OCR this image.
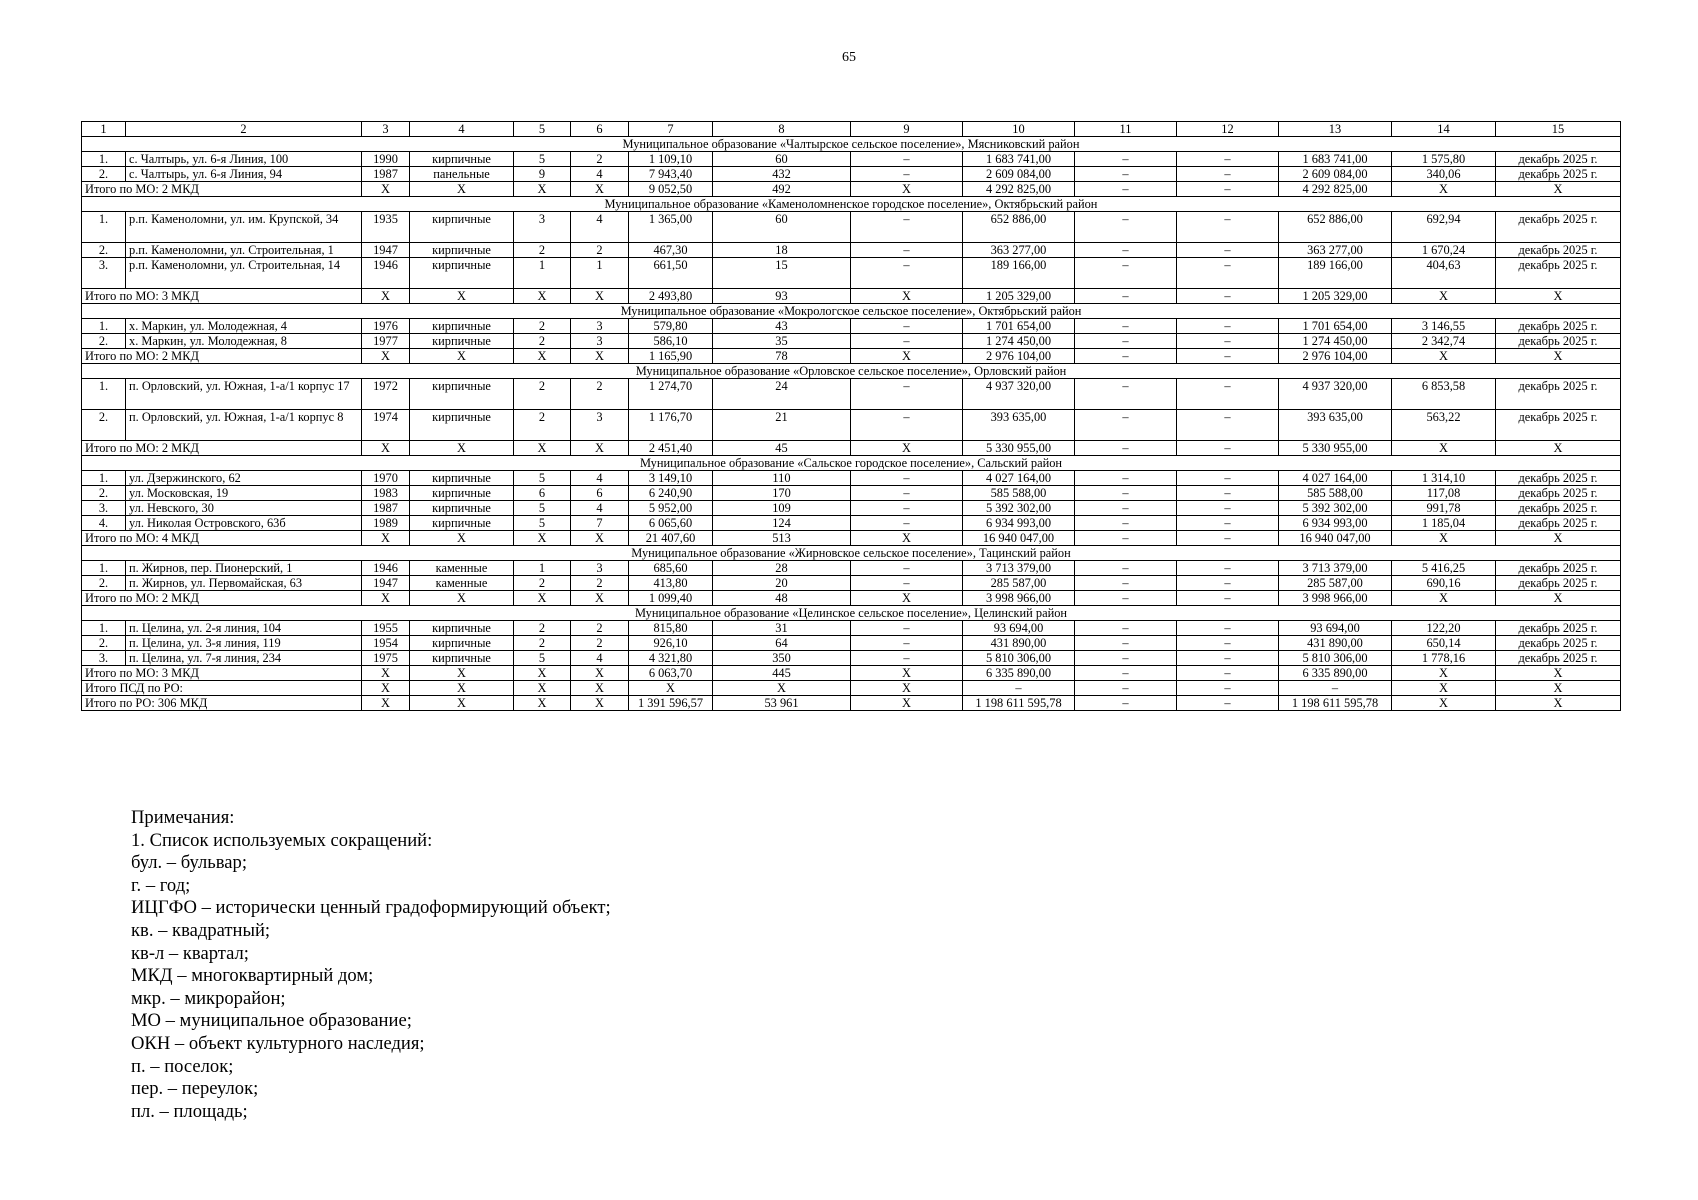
65
1	2	3	4	5	6	7	8	9	10	11	12	13	14	15
Муниципальное образование «Чалтырское сельское поселение», Мясниковский район														
1.	с. Чалтырь, ул. 6-я Линия, 100	1990	кирпичные	5	2	1 109,10	60	–	1 683 741,00	–	–	1 683 741,00	1 575,80	декабрь 2025 г.
2.	с. Чалтырь, ул. 6-я Линия, 94	1987	панельные	9	4	7 943,40	432	–	2 609 084,00	–	–	2 609 084,00	340,06	декабрь 2025 г.
Итого по МО: 2 МКД		X	X	X	X	9 052,50	492	X	4 292 825,00	–	–	4 292 825,00	X	X
Муниципальное образование «Каменоломненское городское поселение», Октябрьский район														
1.	р.п. Каменоломни, ул. им. Крупской, 34	1935	кирпичные	3	4	1 365,00	60	–	652 886,00	–	–	652 886,00	692,94	декабрь 2025 г.
2.	р.п. Каменоломни, ул. Строительная, 1	1947	кирпичные	2	2	467,30	18	–	363 277,00	–	–	363 277,00	1 670,24	декабрь 2025 г.
3.	р.п. Каменоломни, ул. Строительная, 14	1946	кирпичные	1	1	661,50	15	–	189 166,00	–	–	189 166,00	404,63	декабрь 2025 г.
Итого по МО: 3 МКД		X	X	X	X	2 493,80	93	X	1 205 329,00	–	–	1 205 329,00	X	X
Муниципальное образование «Мокрологское сельское поселение», Октябрьский район														
1.	х. Маркин, ул. Молодежная, 4	1976	кирпичные	2	3	579,80	43	–	1 701 654,00	–	–	1 701 654,00	3 146,55	декабрь 2025 г.
2.	х. Маркин, ул. Молодежная, 8	1977	кирпичные	2	3	586,10	35	–	1 274 450,00	–	–	1 274 450,00	2 342,74	декабрь 2025 г.
Итого по МО: 2 МКД		X	X	X	X	1 165,90	78	X	2 976 104,00	–	–	2 976 104,00	X	X
Муниципальное образование «Орловское сельское поселение», Орловский район														
1.	п. Орловский, ул. Южная, 1-а/1 корпус 17	1972	кирпичные	2	2	1 274,70	24	–	4 937 320,00	–	–	4 937 320,00	6 853,58	декабрь 2025 г.
2.	п. Орловский, ул. Южная, 1-а/1 корпус 8	1974	кирпичные	2	3	1 176,70	21	–	393 635,00	–	–	393 635,00	563,22	декабрь 2025 г.
Итого по МО: 2 МКД		X	X	X	X	2 451,40	45	X	5 330 955,00	–	–	5 330 955,00	X	X
Муниципальное образование «Сальское городское поселение», Сальский район														
1.	ул. Дзержинского, 62	1970	кирпичные	5	4	3 149,10	110	–	4 027 164,00	–	–	4 027 164,00	1 314,10	декабрь 2025 г.
2.	ул. Московская, 19	1983	кирпичные	6	6	6 240,90	170	–	585 588,00	–	–	585 588,00	117,08	декабрь 2025 г.
3.	ул. Невского, 30	1987	кирпичные	5	4	5 952,00	109	–	5 392 302,00	–	–	5 392 302,00	991,78	декабрь 2025 г.
4.	ул. Николая Островского, 63б	1989	кирпичные	5	7	6 065,60	124	–	6 934 993,00	–	–	6 934 993,00	1 185,04	декабрь 2025 г.
Итого по МО: 4 МКД		X	X	X	X	21 407,60	513	X	16 940 047,00	–	–	16 940 047,00	X	X
Муниципальное образование «Жирновское сельское поселение», Тацинский район														
1.	п. Жирнов, пер. Пионерский, 1	1946	каменные	1	3	685,60	28	–	3 713 379,00	–	–	3 713 379,00	5 416,25	декабрь 2025 г.
2.	п. Жирнов, ул. Первомайская, 63	1947	каменные	2	2	413,80	20	–	285 587,00	–	–	285 587,00	690,16	декабрь 2025 г.
Итого по МО: 2 МКД		X	X	X	X	1 099,40	48	X	3 998 966,00	–	–	3 998 966,00	X	X
Муниципальное образование «Целинское сельское поселение», Целинский район														
1.	п. Целина, ул. 2-я линия, 104	1955	кирпичные	2	2	815,80	31	–	93 694,00	–	–	93 694,00	122,20	декабрь 2025 г.
2.	п. Целина, ул. 3-я линия, 119	1954	кирпичные	2	2	926,10	64	–	431 890,00	–	–	431 890,00	650,14	декабрь 2025 г.
3.	п. Целина, ул. 7-я линия, 234	1975	кирпичные	5	4	4 321,80	350	–	5 810 306,00	–	–	5 810 306,00	1 778,16	декабрь 2025 г.
Итого по МО: 3 МКД		X	X	X	X	6 063,70	445	X	6 335 890,00	–	–	6 335 890,00	X	X
Итого ПСД по РО:		X	X	X	X	X	X	X	–	–	–	–	X	X
Итого по РО: 306 МКД		X	X	X	X	1 391 596,57	53 961	X	1 198 611 595,78	–	–	1 198 611 595,78	X	X
Примечания:
1. Список используемых сокращений:
бул. – бульвар;
г. – год;
ИЦГФО – исторически ценный градоформирующий объект;
кв. – квадратный;
кв-л – квартал;
МКД – многоквартирный дом;
мкр. – микрорайон;
МО – муниципальное образование;
ОКН – объект культурного наследия;
п. – поселок;
пер. – переулок;
пл. – площадь;
